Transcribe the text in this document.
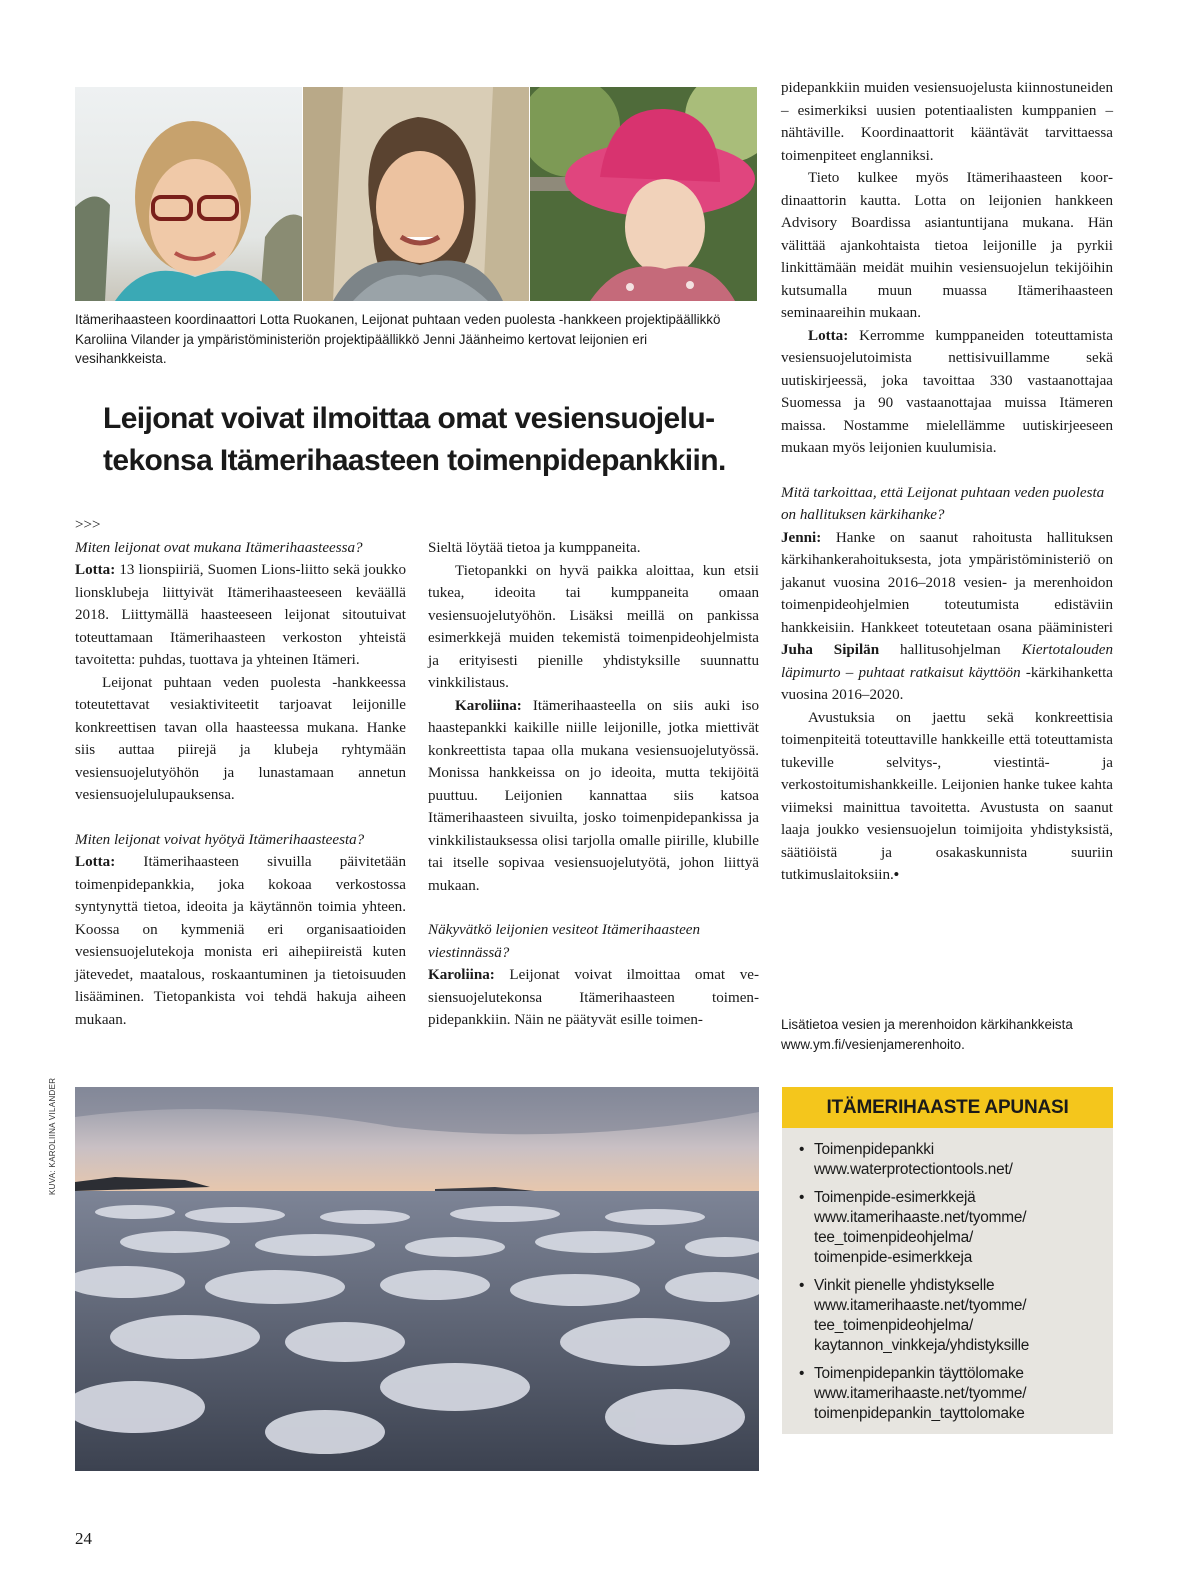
Itämerihaasteen koordinaattori Lotta Ruokanen, Leijonat puhtaan veden puolesta -hankkeen projektipäällikkö Karoliina Vilander ja ympäristöministeriön projektipäällikkö Jenni Jäänheimo kertovat leijonien eri vesihankkeista.

Leijonat voivat ilmoittaa omat vesiensuojelutekonsa Itämerihaasteen toimenpidepankkiin.

>>>

Miten leijonat ovat mukana Itämerihaasteessa?

Lotta: 13 lionspiiriä, Suomen Lions-liitto sekä joukko lionsklubeja liittyivät Itämerihaasteeseen keväällä 2018. Liittymällä haasteeseen leijonat sitoutuivat toteuttamaan Itämerihaasteen verkoston yhteistä tavoitetta: puhdas, tuottava ja yhteinen Itämeri.

Leijonat puhtaan veden puolesta -hankkeessa toteutettavat vesiaktiviteetit tarjoavat leijonille konkreettisen tavan olla haasteessa mukana. Hanke siis auttaa piirejä ja klubeja ryhtymään vesiensuojelutyöhön ja lunastamaan annetun vesiensuojelulupauksensa.

Miten leijonat voivat hyötyä Itämerihaasteesta?

Lotta: Itämerihaasteen sivuilla päivitetään toimenpidepankkia, joka kokoaa verkostossa syntynyttä tietoa, ideoita ja käytännön toimia yhteen. Koossa on kymmeniä eri organisaatioiden vesiensuojelutekoja monista eri aihepiireistä kuten jätevedet, maatalous, roskaantuminen ja tietoisuuden lisääminen. Tietopankista voi tehdä hakuja aiheen mukaan.

Sieltä löytää tietoa ja kumppaneita.

Tietopankki on hyvä paikka aloittaa, kun etsii tukea, ideoita tai kumppaneita omaan vesiensuojelutyöhön. Lisäksi meillä on pankissa esimerkkejä muiden tekemistä toimenpideohjelmista ja erityisesti pienille yhdistyksille suunnattu vinkkilistaus.

Karoliina: Itämerihaasteella on siis auki iso haastepankki kaikille niille leijonille, jotka miettivät konkreettista tapaa olla mukana vesiensuojelutyössä. Monissa hankkeissa on jo ideoita, mutta tekijöitä puuttuu. Leijonien kannattaa siis katsoa Itämerihaasteen sivuilta, josko toimenpidepankissa ja vinkkilistauksessa olisi tarjolla omalle piirille, klubille tai itselle sopivaa vesiensuojelutyötä, johon liittyä mukaan.

Näkyvätkö leijonien vesiteot Itämerihaasteen viestinnässä?

Karoliina: Leijonat voivat ilmoittaa omat vesiensuojelutekonsa Itämerihaasteen toimenpidepankkiin. Näin ne päätyvät esille toimen-

pidepankkiin muiden vesiensuojelusta kiinnostuneiden – esimerkiksi uusien potentiaalisten kumppanien – nähtäville. Koordinaattorit kääntävät tarvittaessa toimenpiteet englanniksi.

Tieto kulkee myös Itämerihaasteen koordinaattorin kautta. Lotta on leijonien hankkeen Advisory Boardissa asiantuntijana mukana. Hän välittää ajankohtaista tietoa leijonille ja pyrkii linkittämään meidät muihin vesiensuojelun tekijöihin kutsumalla muun muassa Itämerihaasteen seminaareihin mukaan.

Lotta: Kerromme kumppaneiden toteuttamista vesiensuojelutoimista nettisivuillamme sekä uutiskirjeessä, joka tavoittaa 330 vastaanottajaa Suomessa ja 90 vastaanottajaa muissa Itämeren maissa. Nostamme mielellämme uutiskirjeeseen mukaan myös leijonien kuulumisia.

Mitä tarkoittaa, että Leijonat puhtaan veden puolesta on hallituksen kärkihanke?

Jenni: Hanke on saanut rahoitusta hallituksen kärkihankerahoituksesta, jota ympäristöministeriö on jakanut vuosina 2016–2018 vesien- ja merenhoidon toimenpideohjelmien toteutumista edistäviin hankkeisiin. Hankkeet toteutetaan osana pääministeri Juha Sipilän hallitusohjelman Kiertotalouden läpimurto – puhtaat ratkaisut käyttöön -kärkihanketta vuosina 2016–2020.

Avustuksia on jaettu sekä konkreettisia toimenpiteitä toteuttaville hankkeille että toteuttamista tukeville selvitys-, viestintä- ja verkostoitumishankkeille. Leijonien hanke tukee kahta viimeksi mainittua tavoitetta. Avustusta on saanut laaja joukko vesiensuojelun toimijoita yhdistyksistä, säätiöistä ja osakaskunnista suuriin tutkimuslaitoksiin.•

Lisätietoa vesien ja merenhoidon kärkihankkeista
www.ym.fi/vesienjamerenhoito.

KUVA: KAROLIINA VILANDER	ITÄMERIHAASTE APUNASI
• Toimenpidepankki
www.waterprotectiontools.net/
• Toimenpide-esimerkkejä
www.itamerihaaste.net/tyomme/
tee_toimenpideohjelma/
toimenpide-esimerkkeja
• Vinkit pienelle yhdistykselle
www.itamerihaaste.net/tyomme/
tee_toimenpideohjelma/
kaytannon_vinkkeja/yhdistyksille
• Toimenpidepankin täyttölomake
www.itamerihaaste.net/tyomme/
toimenpidepankin_tayttolomake
24
